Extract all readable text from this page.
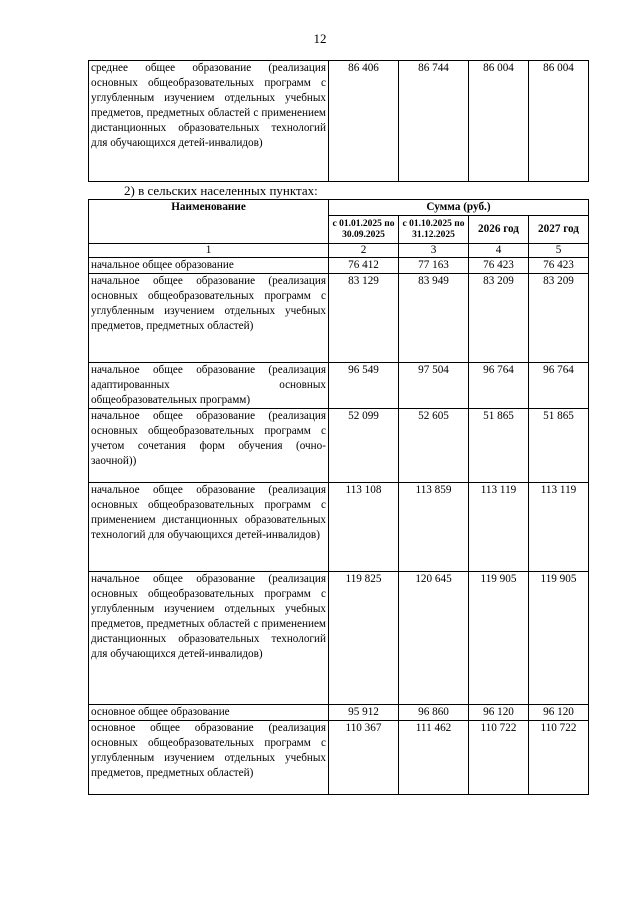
12
среднее общее образование (реализация основных общеобразовательных программ с углубленным изучением отдельных учебных предметов, предметных областей с применением дистанционных образовательных технологий для обучающихся детей-инвалидов)	86 406	86 744	86 004	86 004
2) в сельских населенных пунктах:
Наименование	Сумма (руб.)			
	с 01.01.2025 по 30.09.2025	с 01.10.2025 по 31.12.2025	2026 год	2027 год
1	2	3	4	5
начальное общее образование	76 412	77 163	76 423	76 423
начальное общее образование (реализация основных общеобразовательных программ с углубленным изучением отдельных учебных предметов, предметных областей)	83 129	83 949	83 209	83 209
начальное общее образование (реализация адаптированных основных общеобразовательных программ)	96 549	97 504	96 764	96 764
начальное общее образование (реализация основных общеобразовательных программ с учетом сочетания форм обучения (очно-заочной))	52 099	52 605	51 865	51 865
начальное общее образование (реализация основных общеобразовательных программ с применением дистанционных образовательных технологий для обучающихся детей-инвалидов)	113 108	113 859	113 119	113 119
начальное общее образование (реализация основных общеобразовательных программ с углубленным изучением отдельных учебных предметов, предметных областей с применением дистанционных образовательных технологий для обучающихся детей-инвалидов)	119 825	120 645	119 905	119 905
основное общее образование	95 912	96 860	96 120	96 120
основное общее образование (реализация основных общеобразовательных программ с углубленным изучением отдельных учебных предметов, предметных областей)	110 367	111 462	110 722	110 722
